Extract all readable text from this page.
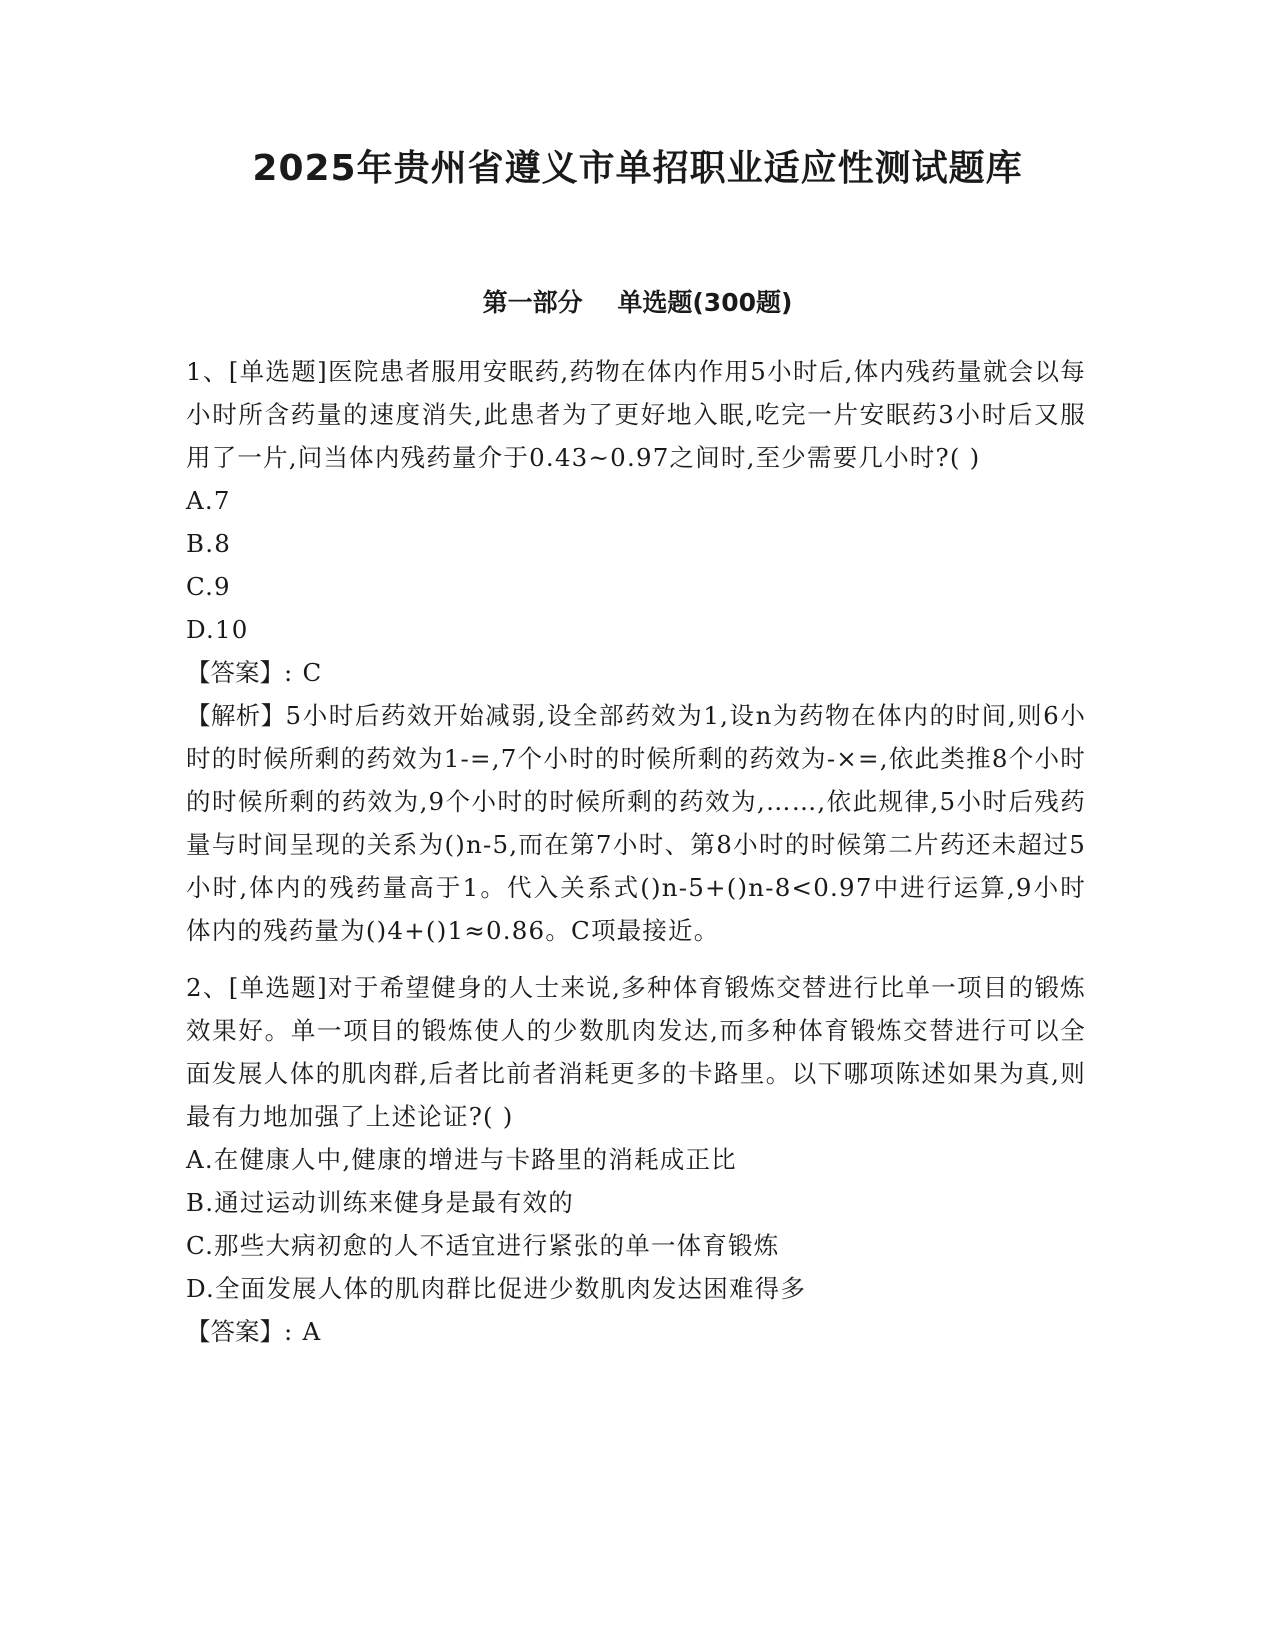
2025年贵州省遵义市单招职业适应性测试题库
第一部分    单选题(300题)

1、[单选题]医院患者服用安眠药,药物在体内作用5小时后,体内残药量就会以每小时所含药量的速度消失,此患者为了更好地入眠,吃完一片安眠药3小时后又服用了一片,问当体内残药量介于0.43~0.97之间时,至少需要几小时?( )

A.7

B.8

C.9

D.10

【答案】: C

【解析】5小时后药效开始减弱,设全部药效为1,设n为药物在体内的时间,则6小时的时候所剩的药效为1-=,7个小时的时候所剩的药效为-×=,依此类推8个小时的时候所剩的药效为,9个小时的时候所剩的药效为,……,依此规律,5小时后残药量与时间呈现的关系为()n-5,而在第7小时、第8小时的时候第二片药还未超过5小时,体内的残药量高于1。代入关系式()n-5+()n-8<0.97中进行运算,9小时体内的残药量为()4+()1≈0.86。C项最接近。

2、[单选题]对于希望健身的人士来说,多种体育锻炼交替进行比单一项目的锻炼效果好。单一项目的锻炼使人的少数肌肉发达,而多种体育锻炼交替进行可以全面发展人体的肌肉群,后者比前者消耗更多的卡路里。以下哪项陈述如果为真,则最有力地加强了上述论证?( )

A.在健康人中,健康的增进与卡路里的消耗成正比

B.通过运动训练来健身是最有效的

C.那些大病初愈的人不适宜进行紧张的单一体育锻炼

D.全面发展人体的肌肉群比促进少数肌肉发达困难得多

【答案】: A
